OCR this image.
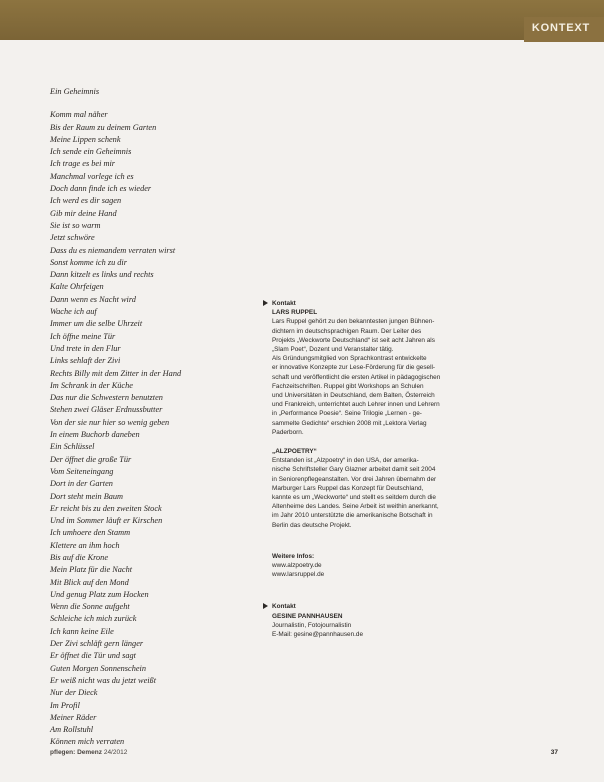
KONTEXT
Ein Geheimnis
Komm mal näher
Bis der Raum zu deinem Garten
Meine Lippen schenk
Ich sende ein Geheimnis
Ich trage es bei mir
Manchmal vorlege ich es
Doch dann finde ich es wieder
Ich werd es dir sagen
Gib mir deine Hand
Sie ist so warm
Jetzt schwöre
Dass du es niemandem verraten wirst
Sonst komme ich zu dir
Dann kitzelt es links und rechts
Kalte Ohrfeigen
Dann wenn es Nacht wird
Wache ich auf
Immer um die selbe Uhrzeit
Ich öffne meine Tür
Und trete in den Flur
Links sehlaft der Zivi
Rechts Billy mit dem Zitter in der Hand
Im Schrank in der Küche
Das nur die Schwestern benutzten
Stehen zwei Gläser Erdnussbutter
Von der sie nur hier so wenig geben
In einem Buchorb daneben
Ein Schlüssel
Der öffnet die große Tür
Vom Seiteneingang
Dort in der Garten
Dort steht mein Baum
Er reicht bis zu den zweiten Stock
Und im Sommer läuft er Kirschen
Ich umhoere den Stamm
Klettere an ihm hoch
Bis auf die Krone
Mein Platz für die Nacht
Mit Blick auf den Mond
Und genug Platz zum Hocken
Wenn die Sonne aufgeht
Schleiche ich mich zurück
Ich kann keine Eile
Der Zivi schläft gern länger
Er öffnet die Tür und sagt
Guten Morgen Sonnenschein
Er weiß nicht was du jetzt weißt
Nur der Dieck
Im Profil
Meiner Räder
Am Rollstuhl
Können mich verraten
Kontakt
LARS RUPPEL
Lars Ruppel gehört zu den bekanntesten jungen Bühnen-
dichtern im deutschsprachigen Raum. Der Leiter des
Projekts „Weckworte Deutschland“ ist seit acht Jahren als
„Slam Poet“, Dozent und Veranstalter tätig.
Als Gründungsmitglied von Sprachkontrast entwickelte
er innovative Konzepte zur Lese-Förderung für die gesell-
schaft und veröffentlicht die ersten Artikel in pädagogischen
Fachzeitschriften. Ruppel gibt Workshops an Schulen
und Universitäten in Deutschland, dem Balten, Österreich
und Frankreich, unterrichtet auch Lehrer innen und Lehrern
in „Performance Poesie“. Seine Trilogie „Lernen - ge-
sammelte Gedichte“ erschien 2008 mit „Lektora Verlag
Paderborn.
„ALZPOETRY“
Entstanden ist „Alzpoetry“ in den USA, der amerika-
nische Schriftsteller Gary Glazner arbeitet damit seit 2004
in Seniorenpflegeanstalten. Vor drei Jahren übernahm der
Marburger Lars Ruppel das Konzept für Deutschland,
kannte es um „Weckworte“ und stellt es seitdem durch die
Altenheime des Landes. Seine Arbeit ist weithin anerkannt,
im Jahr 2010 unterstützte die amerikanische Botschaft in
Berlin das deutsche Projekt.
Weitere Infos:
www.alzpoetry.de
www.larsruppel.de
Kontakt
GESINE PANNHAUSEN
Journalistin, Fotojournalistin
E-Mail: gesine@pannhausen.de
pflegen: Demenz 24/2012	37
